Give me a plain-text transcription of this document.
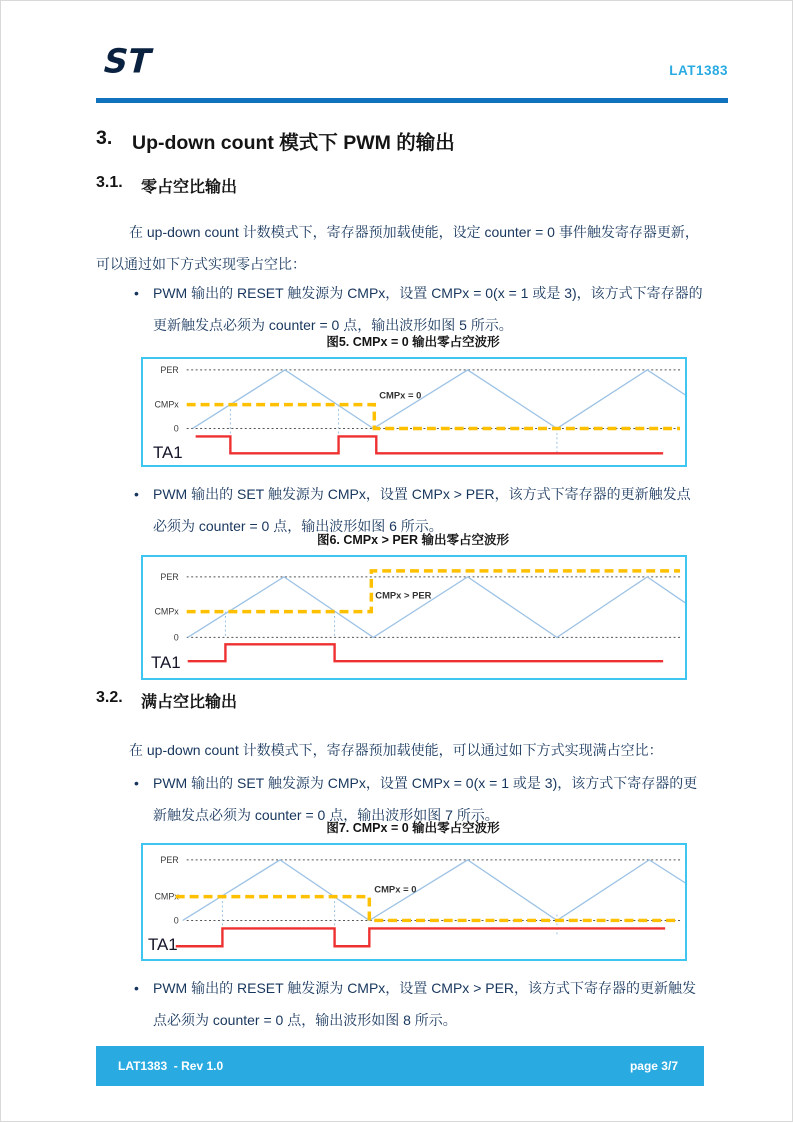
ST	LAT1383
3.	Up-down count 模式下 PWM 的输出
3.1.	零占空比输出

在 up-down count 计数模式下，寄存器预加载使能，设定 counter = 0 事件触发寄存器更新，可以通过如下方式实现零占空比：

•	PWM 输出的 RESET 触发源为 CMPx，设置 CMPx = 0(x = 1 或是 3)，该方式下寄存器的更新触发点必须为 counter = 0 点，输出波形如图 5 所示。

图5. CMPx = 0 输出零占空波形
PER
CMPx
0
CMPx = 0
TA1
•	PWM 输出的 SET 触发源为 CMPx，设置 CMPx > PER，该方式下寄存器的更新触发点必须为 counter = 0 点，输出波形如图 6 所示。

图6. CMPx > PER 输出零占空波形
PER
CMPx
0
CMPx > PER
TA1
3.2.	满占空比输出

在 up-down count 计数模式下，寄存器预加载使能，可以通过如下方式实现满占空比：

•	PWM 输出的 SET 触发源为 CMPx，设置 CMPx = 0(x = 1 或是 3)，该方式下寄存器的更新触发点必须为 counter = 0 点，输出波形如图 7 所示。

图7. CMPx = 0 输出零占空波形
PER
CMPx
0
CMPx = 0
TA1
•	PWM 输出的 RESET 触发源为 CMPx，设置 CMPx > PER，该方式下寄存器的更新触发点必须为 counter = 0 点，输出波形如图 8 所示。

LAT1383  - Rev 1.0	page 3/7
